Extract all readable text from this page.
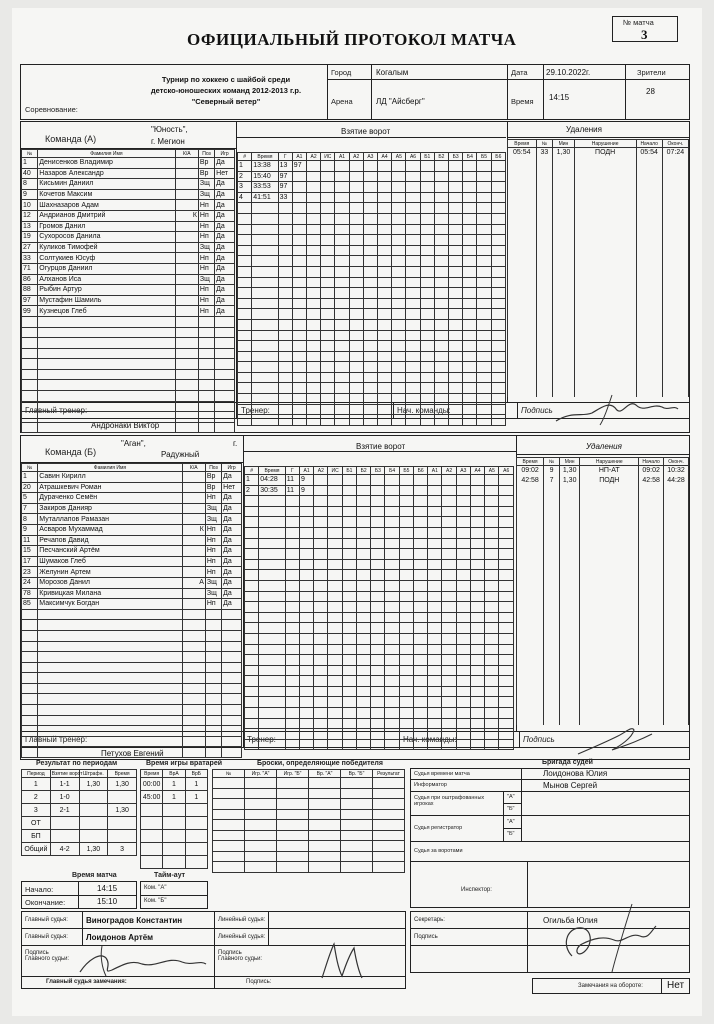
ОФИЦИАЛЬНЫЙ ПРОТОКОЛ МАТЧА
№ матча
3
Соревнование:
Турнир по хоккею с шайбой среди
детско-юношеских команд 2012-2013 г.р.
"Северный ветер"
Город	Когалым
Арена	ЛД "Айсберг"
Дата 29.10.2022г.
Время 14:15
Зрители
28
Команда (А)
"Юность",
г. Мегион
Взятие ворот	Удаления
Главный тренер:
Андронаки Виктор
Тренер:	Нач. команды:	Подпись
№	Фамилия Имя	К/А	Поз	Игр
1	Денисенков Владимир		Вр	Да
40	Назаров Александр		Вр	Нет
8	Кисьмин Даниил		Зщ	Да
9	Кочетов Максим		Зщ	Да
10	Шахназаров Адам		Нп	Да
12	Андрианов Дмитрий	К	Нп	Да
13	Громов Данил		Нп	Да
19	Сухоросов Данила		Нп	Да
27	Куликов Тимофей		Зщ	Да
33	Солтукиев Юсуф		Нп	Да
71	Огурцов Даниил		Нп	Да
86	Алханов Иса		Зщ	Да
88	Рыбин Артур		Нп	Да
97	Мустафин Шамиль		Нп	Да
99	Кузнецов Глеб		Нп	Да

#	Время	Г	А1	А2	ИС	А1	А2	А3	А4	А5	А6	Б1	Б2	Б3	Б4	Б5	Б6
1	13:38	13	97														
2	15:40	97															
3	33:53	97															
4	41:51	33															

Время	№	Мин	Нарушение	Начало	Оконч.
05:54	33	1,30	ПОДН	05:54	07:24

Команда (Б)
"Аган",	г.
Радужный
Взятие ворот	Удаления
Главный тренер:
Петухов Евгений
Тренер:	Нач. команды:	Подпись
№	Фамилия Имя	К/А	Поз	Игр
1	Савин Кирилл		Вр	Да
20	Атрашкевич Роман		Вр	Нет
5	Дураченко Семён		Нп	Да
7	Закиров Данияр		Зщ	Да
8	Муталлапов Рамазан		Зщ	Да
9	Асваров Мухаммад	К	Нп	Да
11	Речапов Давид		Нп	Да
15	Песчанский Артём		Нп	Да
17	Шумаков Глеб		Нп	Да
23	Желунин Артем		Нп	Да
24	Морозов Данил	А	Зщ	Да
78	Кривицкая Милана		Зщ	Да
85	Максимчук Богдан		Нп	Да

#	Время	Г	А1	А2	ИС	Б1	Б2	Б3	Б4	Б5	Б6	А1	А2	А3	А4	А5	А6
1	04:28	11	9														
2	30:35	11	9														

Время	№	Мин	Нарушение	Начало	Оконч.
09:02	9	1,30	НП-АТ	09:02	10:32
42:58	7	1,30	ПОДН	42:58	44:28

Результат по периодам
Период	Взятие ворот	Штрафн.	Время
1	1-1	1,30	1,30
2	1-0		
3	2-1		1,30
ОТ			
БП			
Общий	4-2	1,30	3
Время игры вратарей
Время	ВрА	ВрБ
00:00	1	1
45:00	1	1

Броски, определяющие победителя
№	Игр. "А"	Игр. "Б"	Вр. "А"	Вр. "Б"	Результат

Время матча
Начало:	14:15
Окончание:	15:10
Тайм-аут
Ком. "А"
Ком. "Б"
Главный судья: Виноградов Константин
Главный судья: Лоидонов Артём
Линейный судья:
Линейный судья:
Подпись Главного судьи:
Подпись Главного судьи:
Главный судья замечания:	Подпись:
Бригада судей
Судья времени матча	Лоидонова Юлия
Информатор	Мынов Сергей
Судья при оштрафованных игроках
"А"
"Б"
Судья регистратор
"А"
"Б"
Судья за воротами
Инспектор:
Секретарь:	Огильба Юлия
Подпись
Замечания на обороте: Нет
